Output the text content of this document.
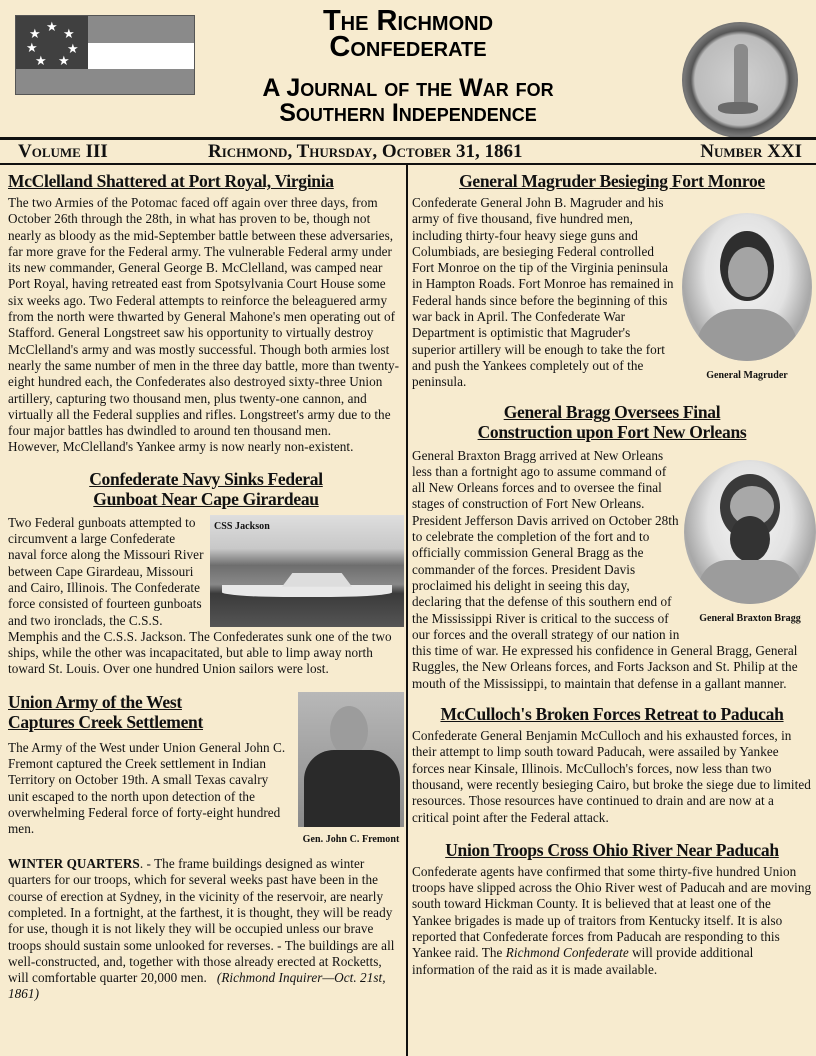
★ ★
★
★
★
★
★	The Richmond
Confederate
A Journal of the War for
Southern Independence
Volume III	Richmond, Thursday, October 31, 1861	Number XXI
McClelland Shattered at Port Royal, Virginia

The two Armies of the Potomac faced off again over three days, from October 26th through the 28th, in what has proven to be, though not nearly as bloody as the mid-September battle between these adversaries, far more grave for the Federal army. The vulnerable Federal army under its new commander, General George B. McClelland, was camped near Port Royal, having retreated east from Spotsylvania Court House some six weeks ago. Two Federal attempts to reinforce the beleaguered army from the north were thwarted by General Mahone's men operating out of Stafford. General Longstreet saw his opportunity to virtually destroy McClelland's army and was mostly successful. Though both armies lost nearly the same number of men in the three day battle, more than twenty-eight hundred each, the Confederates also destroyed sixty-three Union artillery, capturing two thousand men, plus twenty-one cannon, and virtually all the Federal supplies and rifles. Longstreet's army due to the four major battles has dwindled to around ten thousand men.

However, McClelland's Yankee army is now nearly non-existent.

Confederate Navy Sinks Federal
Gunboat Near Cape Girardeau
CSS Jackson

Two Federal gunboats attempted to circumvent a large Confederate naval force along the Missouri River between Cape Girardeau, Missouri and Cairo, Illinois. The Confederate force consisted of fourteen gunboats and two ironclads, the C.S.S. Memphis and the C.S.S. Jackson. The Confederates sunk one of the two ships, while the other was incapacitated, but able to limp away north toward St. Louis. Over one hundred Union sailors were lost.

Gen. John C. Fremont
Union Army of the West
Captures Creek Settlement

The Army of the West under Union General John C. Fremont captured the Creek settlement in Indian Territory on October 19th. A small Texas cavalry unit escaped to the north upon detection of the overwhelming Federal force of forty-eight hundred men.

WINTER QUARTERS. - The frame buildings designed as winter quarters for our troops, which for several weeks past have been in the course of erection at Sydney, in the vicinity of the reservoir, are nearly completed. In a fortnight, at the farthest, it is thought, they will be ready for use, though it is not likely they will be occupied unless our brave troops should sustain some unlooked for reverses. - The buildings are all well-constructed, and, together with those already erected at Rocketts, will comfortable quarter 20,000 men. (Richmond Inquirer—Oct. 21st, 1861)

General Magruder Besieging Fort Monroe
General Magruder

Confederate General John B. Magruder and his army of five thousand, five hundred men, including thirty-four heavy siege guns and Columbiads, are besieging Federal controlled Fort Monroe on the tip of the Virginia peninsula in Hampton Roads. Fort Monroe has remained in Federal hands since before the beginning of this war back in April. The Confederate War Department is optimistic that Magruder's superior artillery will be enough to take the fort and push the Yankees completely out of the peninsula.

General Bragg Oversees Final
Construction upon Fort New Orleans
General Braxton Bragg

General Braxton Bragg arrived at New Orleans less than a fortnight ago to assume command of all New Orleans forces and to oversee the final stages of construction of Fort New Orleans. President Jefferson Davis arrived on October 28th to celebrate the completion of the fort and to officially commission General Bragg as the commander of the forces. President Davis proclaimed his delight in seeing this day, declaring that the defense of this southern end of the Mississippi River is critical to the success of our forces and the overall strategy of our nation in this time of war. He expressed his confidence in General Bragg, General Ruggles, the New Orleans forces, and Forts Jackson and St. Philip at the mouth of the Mississippi, to maintain that defense in a gallant manner.

McCulloch's Broken Forces Retreat to Paducah

Confederate General Benjamin McCulloch and his exhausted forces, in their attempt to limp south toward Paducah, were assailed by Yankee forces near Kinsale, Illinois. McCulloch's forces, now less than two thousand, were recently besieging Cairo, but broke the siege due to limited resources. Those resources have continued to drain and are now at a critical point after the Federal attack.

Union Troops Cross Ohio River Near Paducah

Confederate agents have confirmed that some thirty-five hundred Union troops have slipped across the Ohio River west of Paducah and are moving south toward Hickman County. It is believed that at least one of the Yankee brigades is made up of traitors from Kentucky itself. It is also reported that Confederate forces from Paducah are responding to this Yankee raid. The Richmond Confederate will provide additional information of the raid as it is made available.
